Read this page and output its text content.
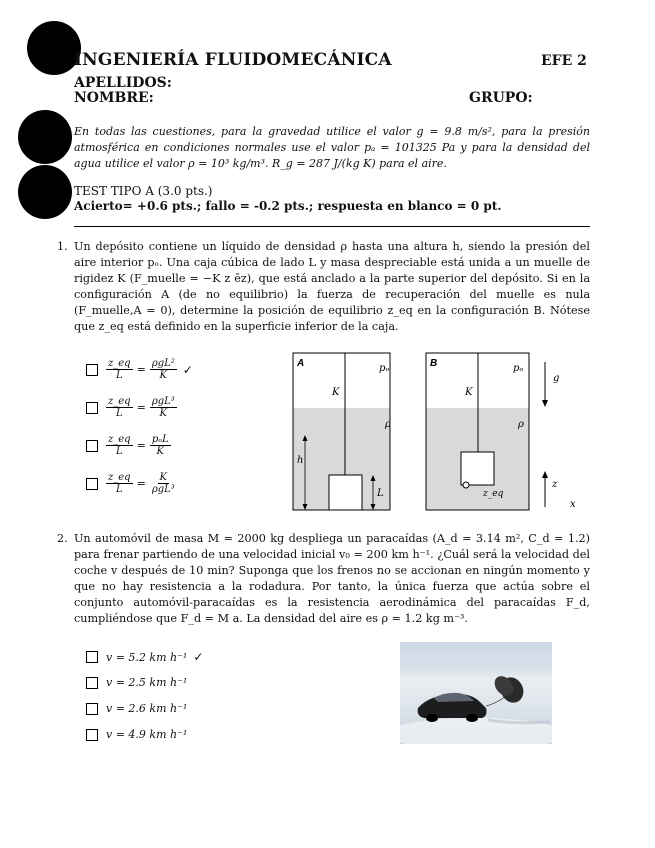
INGENIERÍA FLUIDOMECÁNICA	EFE 2
APELLIDOS:
NOMBRE:	GRUPO:
En todas las cuestiones, para la gravedad utilice el valor g = 9.8 m/s², para la presión atmosférica en condiciones normales use el valor pₐ = 101325 Pa y para la densidad del agua utilice el valor ρ = 10³ kg/m³. R_g = 287 J/(kg K) para el aire.
TEST TIPO A (3.0 pts.)
Acierto= +0.6 pts.; fallo = -0.2 pts.; respuesta en blanco = 0 pt.
1. Un depósito contiene un líquido de densidad ρ hasta una altura h, siendo la presión del aire interior pₒ. Una caja cúbica de lado L y masa despreciable está unida a un muelle de rigidez K (F_muelle = −K z ēz), que está anclado a la parte superior del depósito. Si en la configuración A (de no equilibrio) la fuerza de recuperación del muelle es nula (F_muelle,A = 0), determine la posición de equilibrio z_eq en la configuración B. Nótese que z_eq está definido en la superficie inferior de la caja.
$\frac{z\_eq}{L} = \frac{\text{ρgL²}}{K}$ ✓
$\frac{z\_eq}{L} = \frac{\text{ρgL³}}{K}$
$\frac{z\_eq}{L} = \frac{\text{pₒL}}{K}$
$\frac{z\_eq}{L} = \frac{K}{\text{ρgL³}}$
A	pₒ
K
ρ
h
L
B	pₒ
K
ρ
z_eq
g
z
x
2. Un automóvil de masa M = 2000 kg despliega un paracaídas (A_d = 3.14 m², C_d = 1.2) para frenar partiendo de una velocidad inicial v₀ = 200 km h⁻¹. ¿Cuál será la velocidad del coche v después de 10 min? Suponga que los frenos no se accionan en ningún momento y que no hay resistencia a la rodadura. Por tanto, la única fuerza que actúa sobre el conjunto automóvil-paracaídas es la resistencia aerodinámica del paracaídas F_d, cumpliéndose que F_d = M a. La densidad del aire es ρ = 1.2 kg m⁻³.
v = 5.2 km h⁻¹ ✓
v = 2.5 km h⁻¹
v = 2.6 km h⁻¹
v = 4.9 km h⁻¹
